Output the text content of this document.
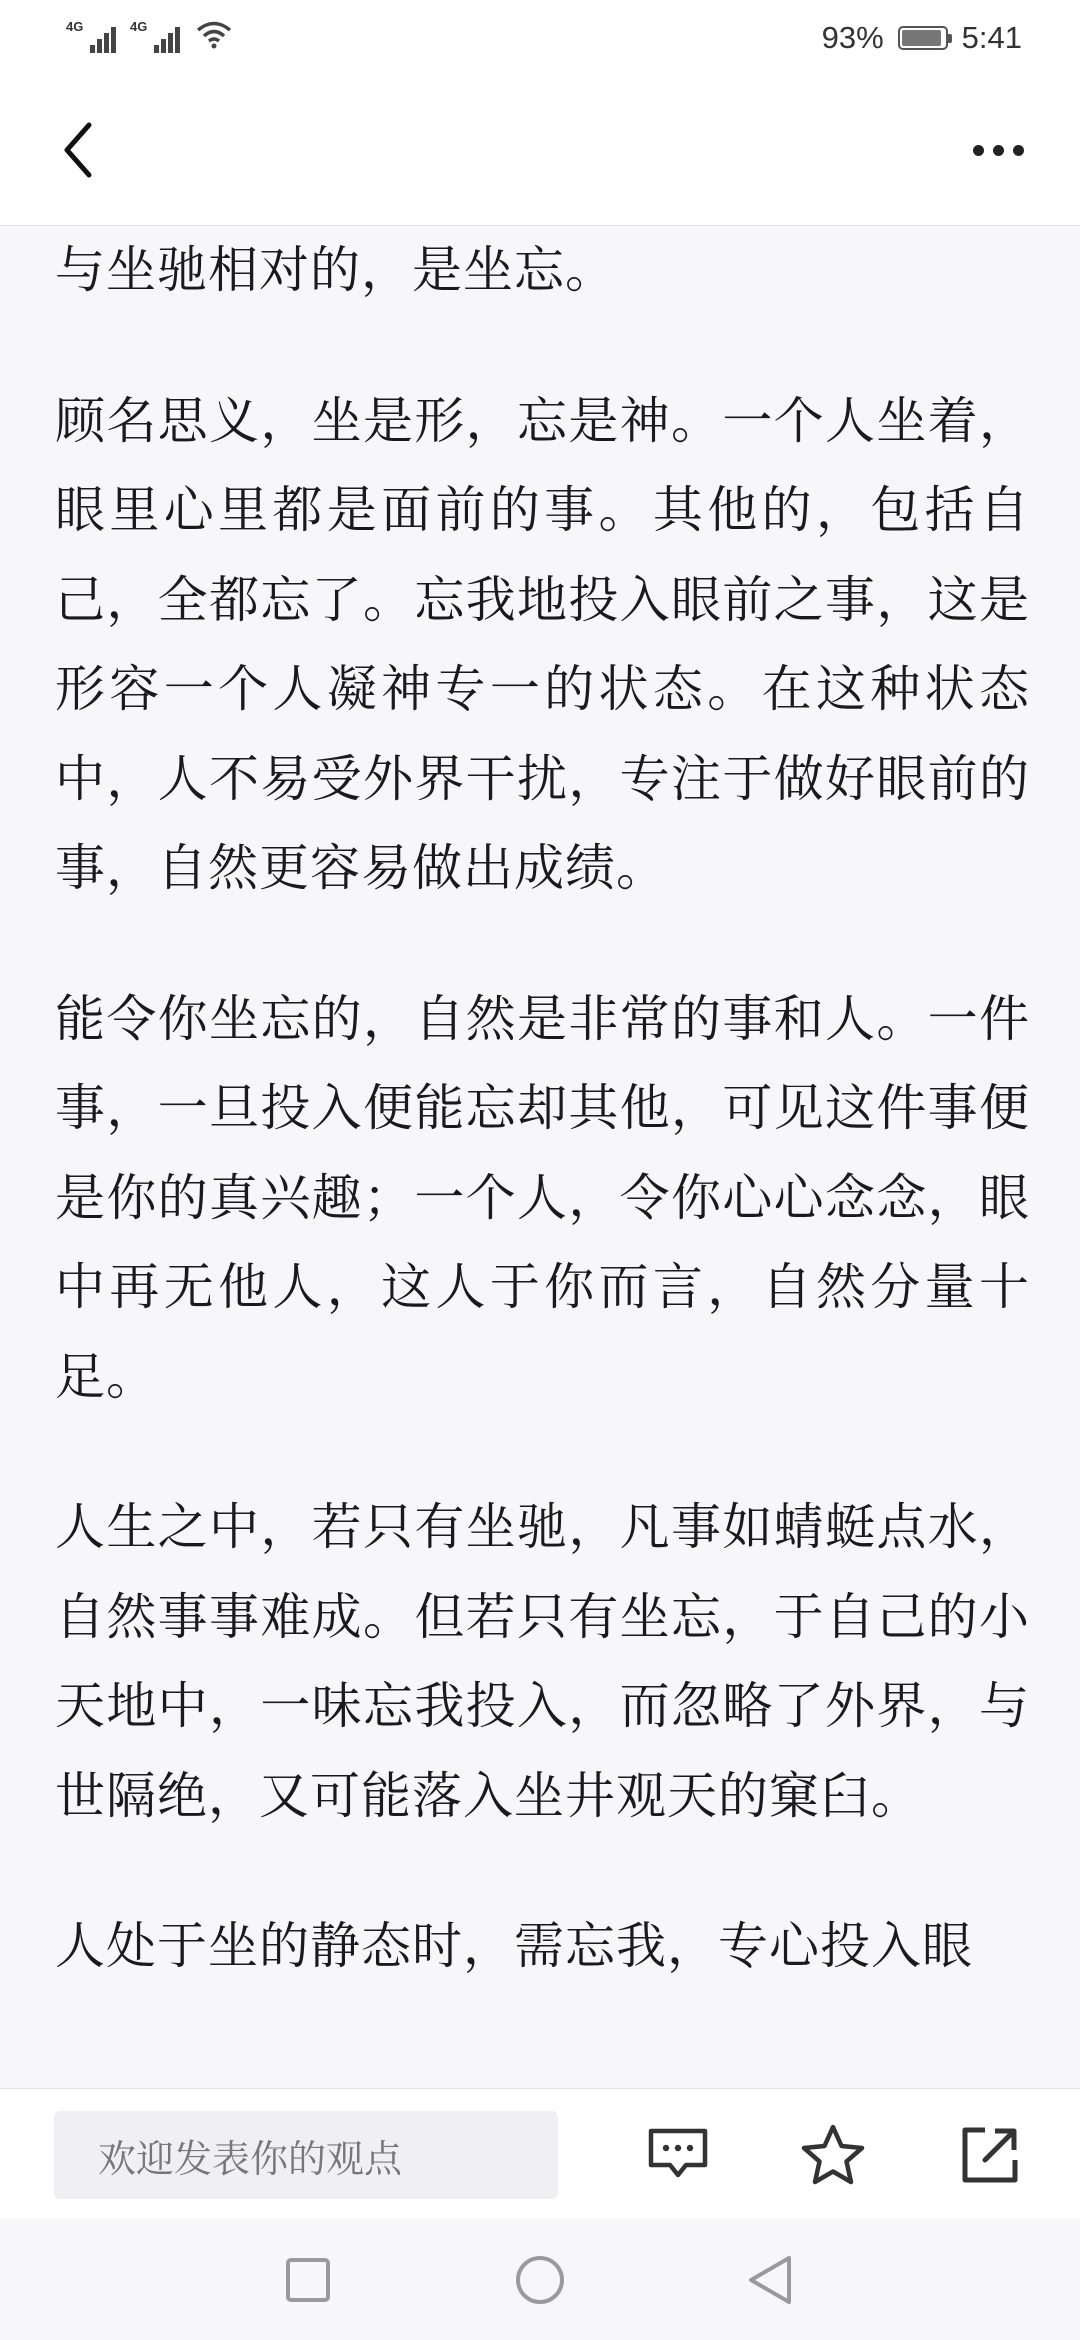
4G	4G	93%	5:41

与坐驰相对的，是坐忘。

顾名思义，坐是形，忘是神。一个人坐着，眼里心里都是面前的事。其他的，包括自己，全都忘了。忘我地投入眼前之事，这是形容一个人凝神专一的状态。在这种状态中，人不易受外界干扰，专注于做好眼前的事，自然更容易做出成绩。

能令你坐忘的，自然是非常的事和人。一件事，一旦投入便能忘却其他，可见这件事便是你的真兴趣；一个人，令你心心念念，眼中再无他人，这人于你而言，自然分量十足。

人生之中，若只有坐驰，凡事如蜻蜓点水，自然事事难成。但若只有坐忘，于自己的小天地中，一味忘我投入，而忽略了外界，与世隔绝，又可能落入坐井观天的窠臼。

人处于坐的静态时，需忘我，专心投入眼

欢迎发表你的观点
